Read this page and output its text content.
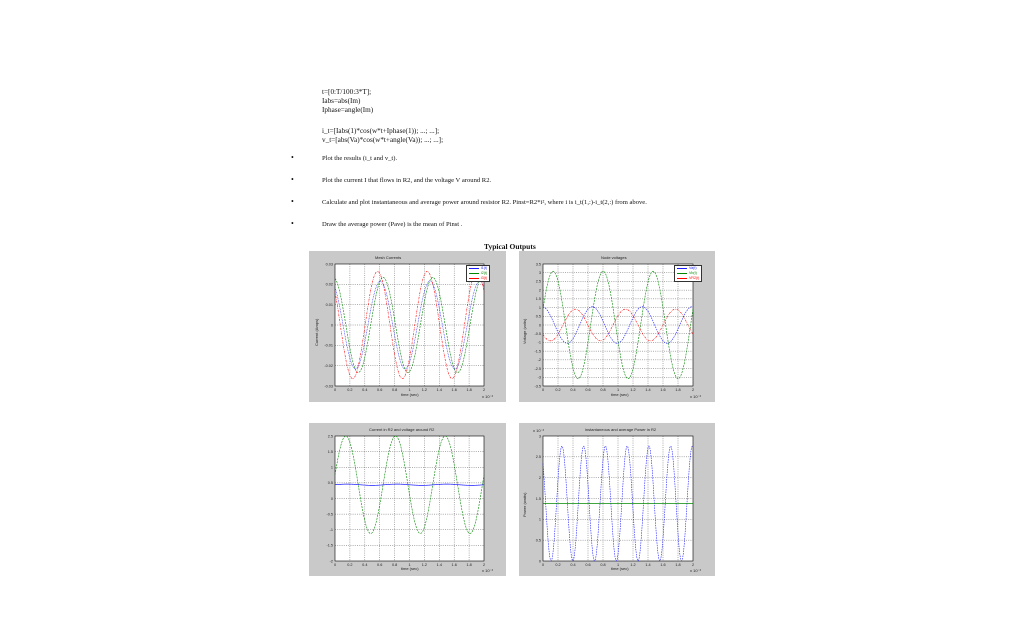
t=[0:T/100:3*T];
Iabs=abs(Im)
Iphase=angle(Im)
i_t=[Iabs(1)*cos(w*t+Iphase(1)); ...; ...];
v_t=[abs(Va)*cos(w*t+angle(Va)); ...; ...];
•	Plot the results (i_t and v_t).
•	Plot the current I that flows in R2, and the voltage V around R2.
•	Calculate and plot instantaneous and average power around resistor R2. Pinst=R2*i², where i is i_t(1,:)-i_t(2,:) from above.
•	Draw the average power (Pave) is the mean of Pinst .
Typical Outputs
0	0.2	0.4	0.6	0.8	1	1.2	1.4	1.6	1.8	2
0.03
0.02
0.01
0
-0.01
-0.02
-0.03
Mesh Currents
time (sec)
Current (Amps)
x 10⁻³
i1(t)
i2(t)
i3(t)
0	0.2	0.4	0.6	0.8	1	1.2	1.4	1.6	1.8	2
3.5
3
2.5
2
1.5
1
0.5
0
-0.5
-1
-1.5
-2
-2.5
-3
-3.5
Node voltages
time (sec)
Voltage (volts)
x 10⁻³
Va(t)
Vb(t)
VR2(t)
0	0.2	0.4	0.6	0.8	1	1.2	1.4	1.6	1.8	2
2.5
1.5
1
0.5
0
-0.5
-1
-1.5
-2
Current in R2 and voltage around R2
time (sec)	x 10⁻³
0	0.2	0.4	0.6	0.8	1	1.2	1.4	1.6	1.8	2
3
2.5
2
1.5
1
0.5
0
instantaneous and average Power in R2
time (sec)
Power (watts)
x 10⁻³
x 10⁻³
